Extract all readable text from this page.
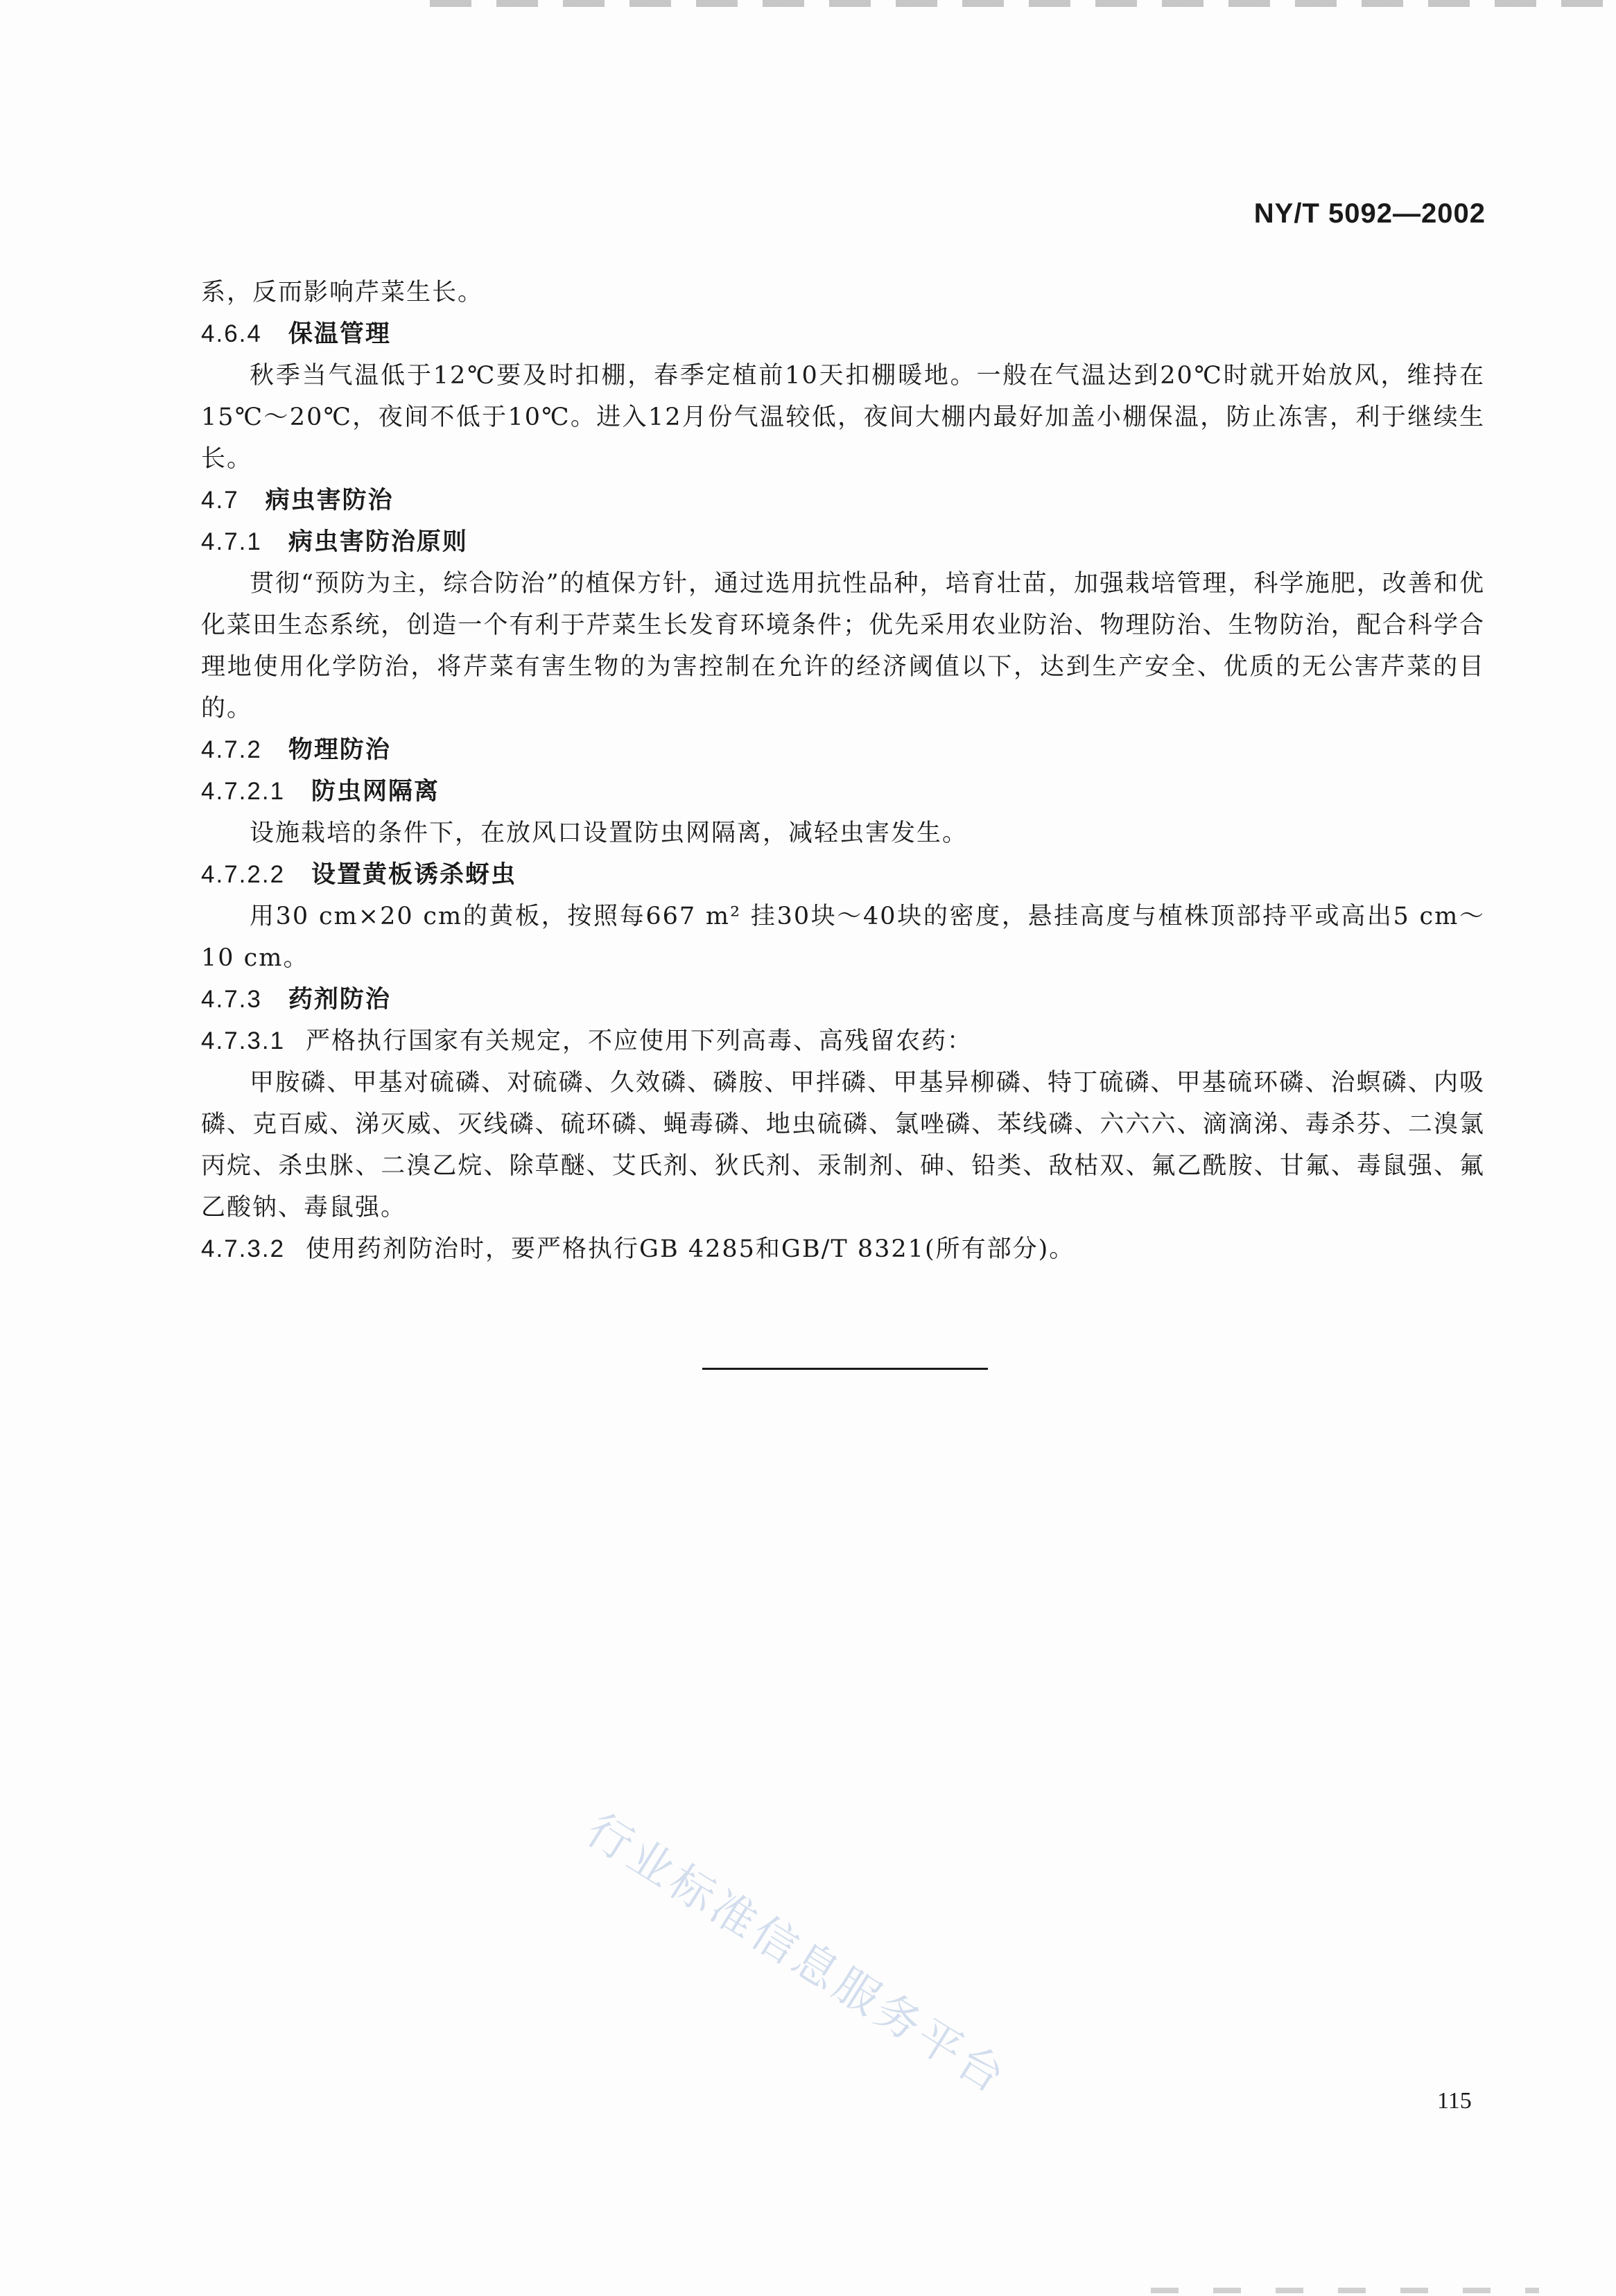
NY/T 5092—2002
系，反而影响芹菜生长。
4.6.4 保温管理
秋季当气温低于12℃要及时扣棚，春季定植前10天扣棚暖地。一般在气温达到20℃时就开始放风，维持在15℃～20℃，夜间不低于10℃。进入12月份气温较低，夜间大棚内最好加盖小棚保温，防止冻害，利于继续生长。
4.7 病虫害防治
4.7.1 病虫害防治原则
贯彻“预防为主，综合防治”的植保方针，通过选用抗性品种，培育壮苗，加强栽培管理，科学施肥，改善和优化菜田生态系统，创造一个有利于芹菜生长发育环境条件；优先采用农业防治、物理防治、生物防治，配合科学合理地使用化学防治，将芹菜有害生物的为害控制在允许的经济阈值以下，达到生产安全、优质的无公害芹菜的目的。
4.7.2 物理防治
4.7.2.1 防虫网隔离
设施栽培的条件下，在放风口设置防虫网隔离，减轻虫害发生。
4.7.2.2 设置黄板诱杀蚜虫
用30 cm×20 cm的黄板，按照每667 m² 挂30块～40块的密度，悬挂高度与植株顶部持平或高出5 cm～10 cm。
4.7.3 药剂防治
4.7.3.1 严格执行国家有关规定，不应使用下列高毒、高残留农药：
甲胺磷、甲基对硫磷、对硫磷、久效磷、磷胺、甲拌磷、甲基异柳磷、特丁硫磷、甲基硫环磷、治螟磷、内吸磷、克百威、涕灭威、灭线磷、硫环磷、蝇毒磷、地虫硫磷、氯唑磷、苯线磷、六六六、滴滴涕、毒杀芬、二溴氯丙烷、杀虫脒、二溴乙烷、除草醚、艾氏剂、狄氏剂、汞制剂、砷、铅类、敌枯双、氟乙酰胺、甘氟、毒鼠强、氟乙酸钠、毒鼠强。
4.7.3.2 使用药剂防治时，要严格执行GB 4285和GB/T 8321(所有部分)。
行业标准信息服务平台	115
